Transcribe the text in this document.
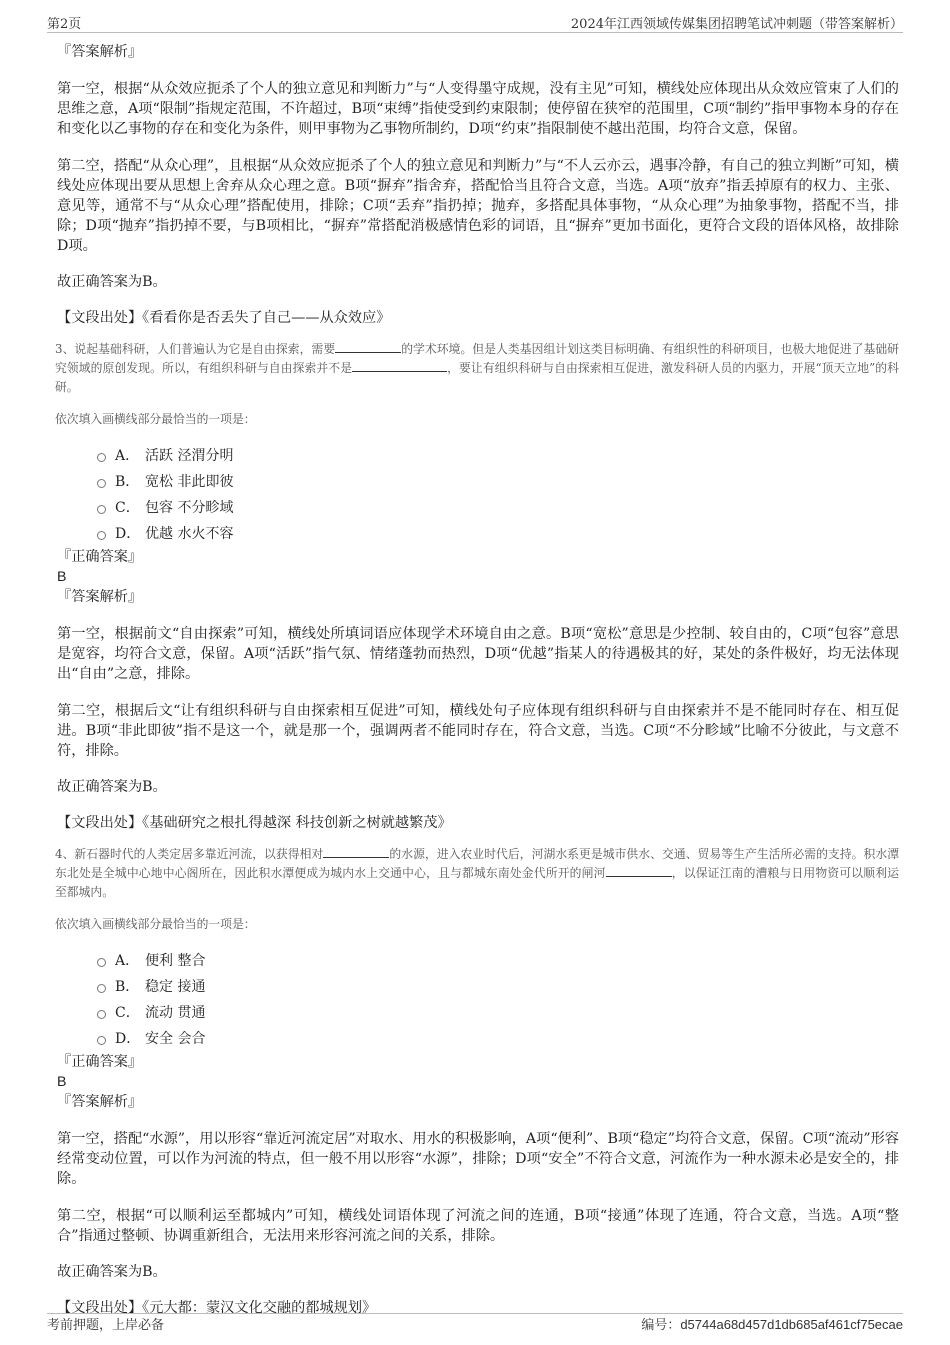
第2页	2024年江西领域传媒集团招聘笔试冲刺题（带答案解析）

『答案解析』

第一空，根据“从众效应扼杀了个人的独立意见和判断力”与“人变得墨守成规，没有主见”可知，横线处应体现出从众效应管束了人们的思维之意，A项“限制”指规定范围，不许超过，B项“束缚”指使受到约束限制；使停留在狭窄的范围里，C项“制约”指甲事物本身的存在和变化以乙事物的存在和变化为条件，则甲事物为乙事物所制约，D项“约束”指限制使不越出范围，均符合文意，保留。

第二空，搭配“从众心理”，且根据“从众效应扼杀了个人的独立意见和判断力”与“不人云亦云，遇事冷静，有自己的独立判断”可知，横线处应体现出要从思想上舍弃从众心理之意。B项“摒弃”指舍弃，搭配恰当且符合文意，当选。A项“放弃”指丢掉原有的权力、主张、意见等，通常不与“从众心理”搭配使用，排除；C项“丢弃”指扔掉；抛弃，多搭配具体事物，“从众心理”为抽象事物，搭配不当，排除；D项“抛弃”指扔掉不要，与B项相比，“摒弃”常搭配消极感情色彩的词语，且“摒弃”更加书面化，更符合文段的语体风格，故排除D项。

故正确答案为B。

【文段出处】《看看你是否丢失了自己——从众效应》

3、说起基础科研，人们普遍认为它是自由探索，需要	的学术环境。但是人类基因组计划这类目标明确、有组织性的科研项目，也极大地促进了基础研究领域的原创发现。所以，有组织科研与自由探索并不是	，要让有组织科研与自由探索相互促进，激发科研人员的内驱力，开展“顶天立地”的科研。

依次填入画横线部分最恰当的一项是：

A． 活跃 泾渭分明
B． 宽松 非此即彼
C． 包容 不分畛域
D． 优越 水火不容

『正确答案』

B

『答案解析』

第一空，根据前文“自由探索”可知，横线处所填词语应体现学术环境自由之意。B项“宽松”意思是少控制、较自由的，C项“包容”意思是宽容，均符合文意，保留。A项“活跃”指气氛、情绪蓬勃而热烈，D项“优越”指某人的待遇极其的好，某处的条件极好，均无法体现出“自由”之意，排除。

第二空，根据后文“让有组织科研与自由探索相互促进”可知，横线处句子应体现有组织科研与自由探索并不是不能同时存在、相互促进。B项“非此即彼”指不是这一个，就是那一个，强调两者不能同时存在，符合文意，当选。C项“不分畛域”比喻不分彼此，与文意不符，排除。

故正确答案为B。

【文段出处】《基础研究之根扎得越深 科技创新之树就越繁茂》

4、新石器时代的人类定居多靠近河流，以获得相对	的水源，进入农业时代后，河湖水系更是城市供水、交通、贸易等生产生活所必需的支持。积水潭东北处是全城中心地中心阁所在，因此积水潭便成为城内水上交通中心，且与都城东南处金代所开的闸河	，以保证江南的漕粮与日用物资可以顺利运至都城内。

依次填入画横线部分最恰当的一项是：

A． 便利 整合
B． 稳定 接通
C． 流动 贯通
D． 安全 会合

『正确答案』

B

『答案解析』

第一空，搭配“水源”，用以形容“靠近河流定居”对取水、用水的积极影响，A项“便利”、B项“稳定”均符合文意，保留。C项“流动”形容经常变动位置，可以作为河流的特点，但一般不用以形容“水源”，排除；D项“安全”不符合文意，河流作为一种水源未必是安全的，排除。

第二空，根据“可以顺利运至都城内”可知，横线处词语体现了河流之间的连通，B项“接通”体现了连通，符合文意，当选。A项“整合”指通过整顿、协调重新组合，无法用来形容河流之间的关系，排除。

故正确答案为B。

【文段出处】《元大都：蒙汉文化交融的都城规划》

考前押题，上岸必备	编号：d5744a68d457d1db685af461cf75ecae
